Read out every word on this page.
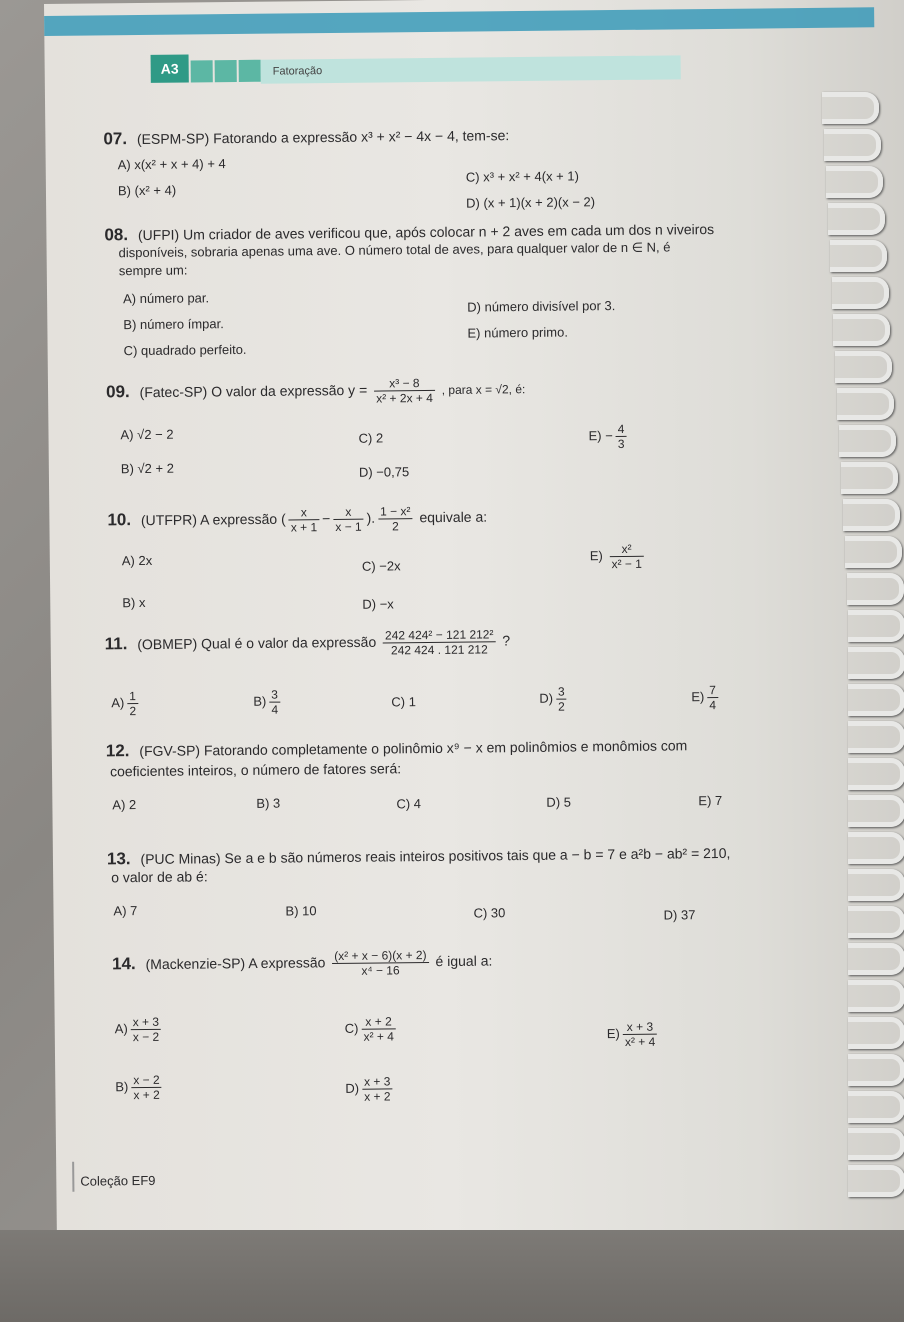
A3	Fatoração
07. (ESPM-SP) Fatorando a expressão x³ + x² − 4x − 4, tem-se:
A) x(x² + x + 4) + 4
B) (x² + 4)
C) x³ + x² + 4(x + 1)
D) (x + 1)(x + 2)(x − 2)
08. (UFPI) Um criador de aves verificou que, após colocar n + 2 aves em cada um dos n viveiros
disponíveis, sobraria apenas uma ave. O número total de aves, para qualquer valor de n ∈ N, é
sempre um:
A) número par.
B) número ímpar.
C) quadrado perfeito.
D) número divisível por 3.
E) número primo.
09. (Fatec-SP) O valor da expressão $y = \frac{\text{x³ − 8}}{\text{x² + 2x + 4}}$ , para x = √2, é:
A) √2 − 2
B) √2 + 2
C) 2
D) −0,75
$E) - \frac{4}{3}$
10. (UTFPR) A expressão ( $\frac{x}{x + 1} - \frac{x}{x - 1}$ ). $\frac{\text{1 − x²}}{2}$ equivale a:
A) 2x
B) x
C) −2x
D) −x
$E) \frac{\text{x²}}{\text{x² − 1}}$
11. (OBMEP) Qual é o valor da expressão $\frac{\text{242 424² − 121 212²}}{242 424 . 121 212}$ ?
$A) \frac{1}{2}$	$B) \frac{3}{4}$	C) 1	$D) \frac{3}{2}$	$E) \frac{7}{4}$
12. (FGV-SP) Fatorando completamente o polinômio x⁹ − x em polinômios e monômios com
coeficientes inteiros, o número de fatores será:
A) 2	B) 3	C) 4	D) 5	E) 7
13. (PUC Minas) Se a e b são números reais inteiros positivos tais que a − b = 7 e a²b − ab² = 210,
o valor de ab é:
A) 7	B) 10	C) 30	D) 37
14. (Mackenzie-SP) A expressão $\frac{\text{(x² + x − 6)(x + 2)}}{\text{x⁴ − 16}}$ é igual a:
$A) \frac{x + 3}{x - 2}$
$B) \frac{x - 2}{x + 2}$
$C) \frac{x + 2}{\text{x² + 4}}$
$D) \frac{x + 3}{x + 2}$
$E) \frac{x + 3}{\text{x² + 4}}$
Coleção EF9
